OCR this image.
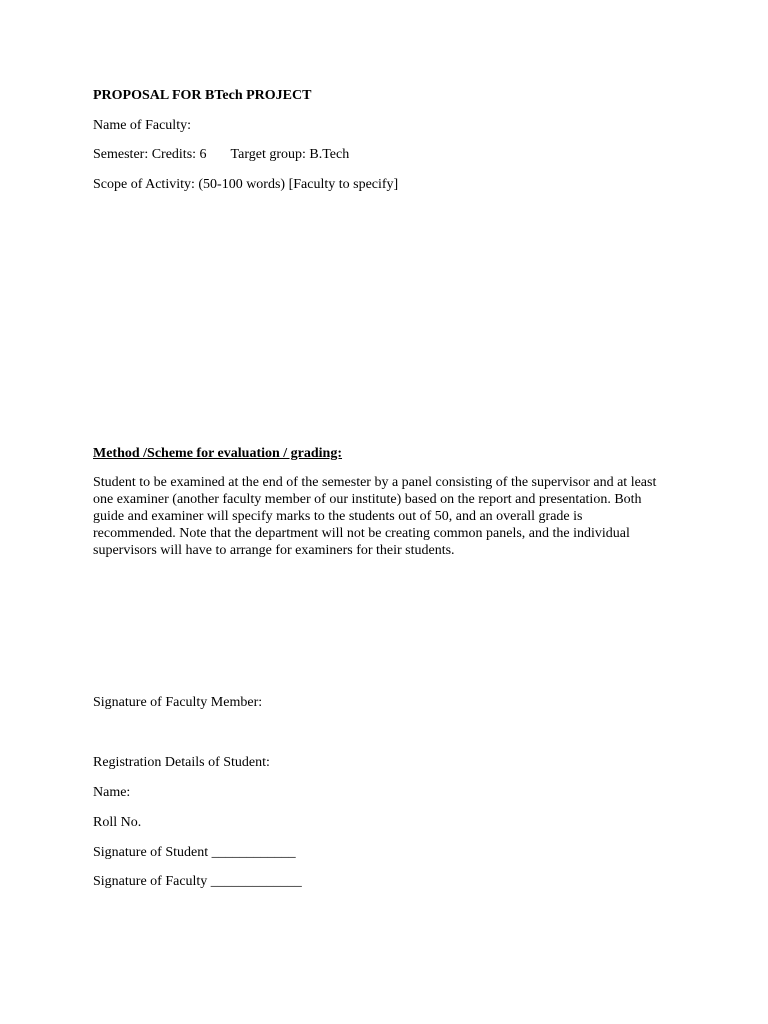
PROPOSAL FOR BTech PROJECT
Name of Faculty:
Semester: Credits: 6 Target group: B.Tech
Scope of Activity: (50-100 words) [Faculty to specify]
Method /Scheme for evaluation / grading:
Student to be examined at the end of the semester by a panel consisting of the supervisor and at least
one examiner (another faculty member of our institute) based on the report and presentation. Both
guide and examiner will specify marks to the students out of 50, and an overall grade is
recommended. Note that the department will not be creating common panels, and the individual
supervisors will have to arrange for examiners for their students.
Signature of Faculty Member:
Registration Details of Student:
Name:
Roll No.
Signature of Student ____________
Signature of Faculty _____________
